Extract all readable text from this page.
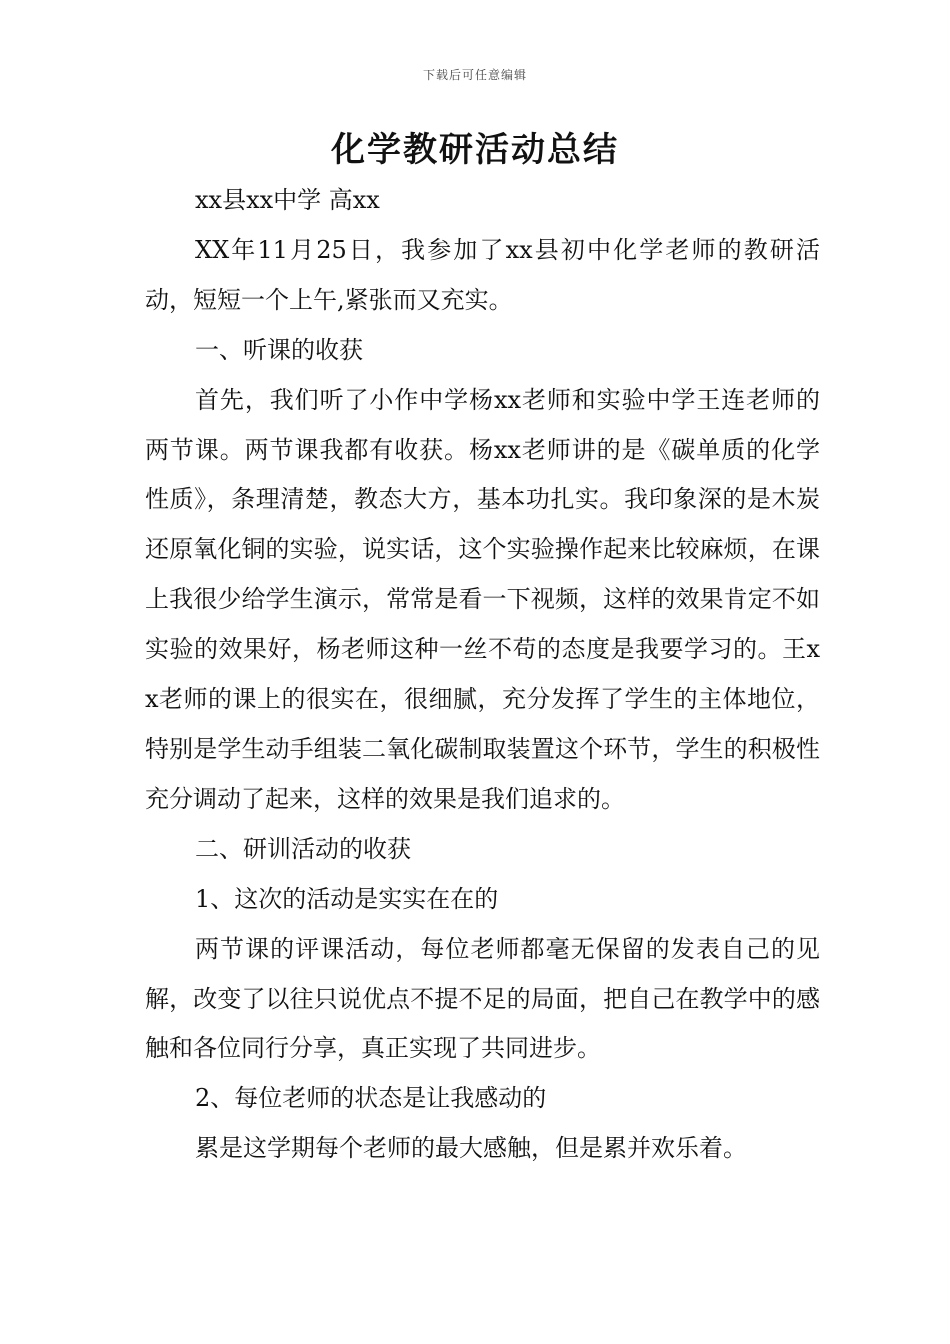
下载后可任意编辑
化学教研活动总结

xx县xx中学 高xx

XX年11月25日，我参加了xx县初中化学老师的教研活动，短短一个上午,紧张而又充实。

一、听课的收获

首先，我们听了小作中学杨xx老师和实验中学王连老师的两节课。两节课我都有收获。杨xx老师讲的是《碳单质的化学性质》，条理清楚，教态大方，基本功扎实。我印象深的是木炭还原氧化铜的实验，说实话，这个实验操作起来比较麻烦，在课上我很少给学生演示，常常是看一下视频，这样的效果肯定不如实验的效果好，杨老师这种一丝不苟的态度是我要学习的。王xx老师的课上的很实在，很细腻，充分发挥了学生的主体地位，特别是学生动手组装二氧化碳制取装置这个环节，学生的积极性充分调动了起来，这样的效果是我们追求的。

二、研训活动的收获

1、这次的活动是实实在在的

两节课的评课活动，每位老师都毫无保留的发表自己的见解，改变了以往只说优点不提不足的局面，把自己在教学中的感触和各位同行分享，真正实现了共同进步。

2、每位老师的状态是让我感动的

累是这学期每个老师的最大感触，但是累并欢乐着。
